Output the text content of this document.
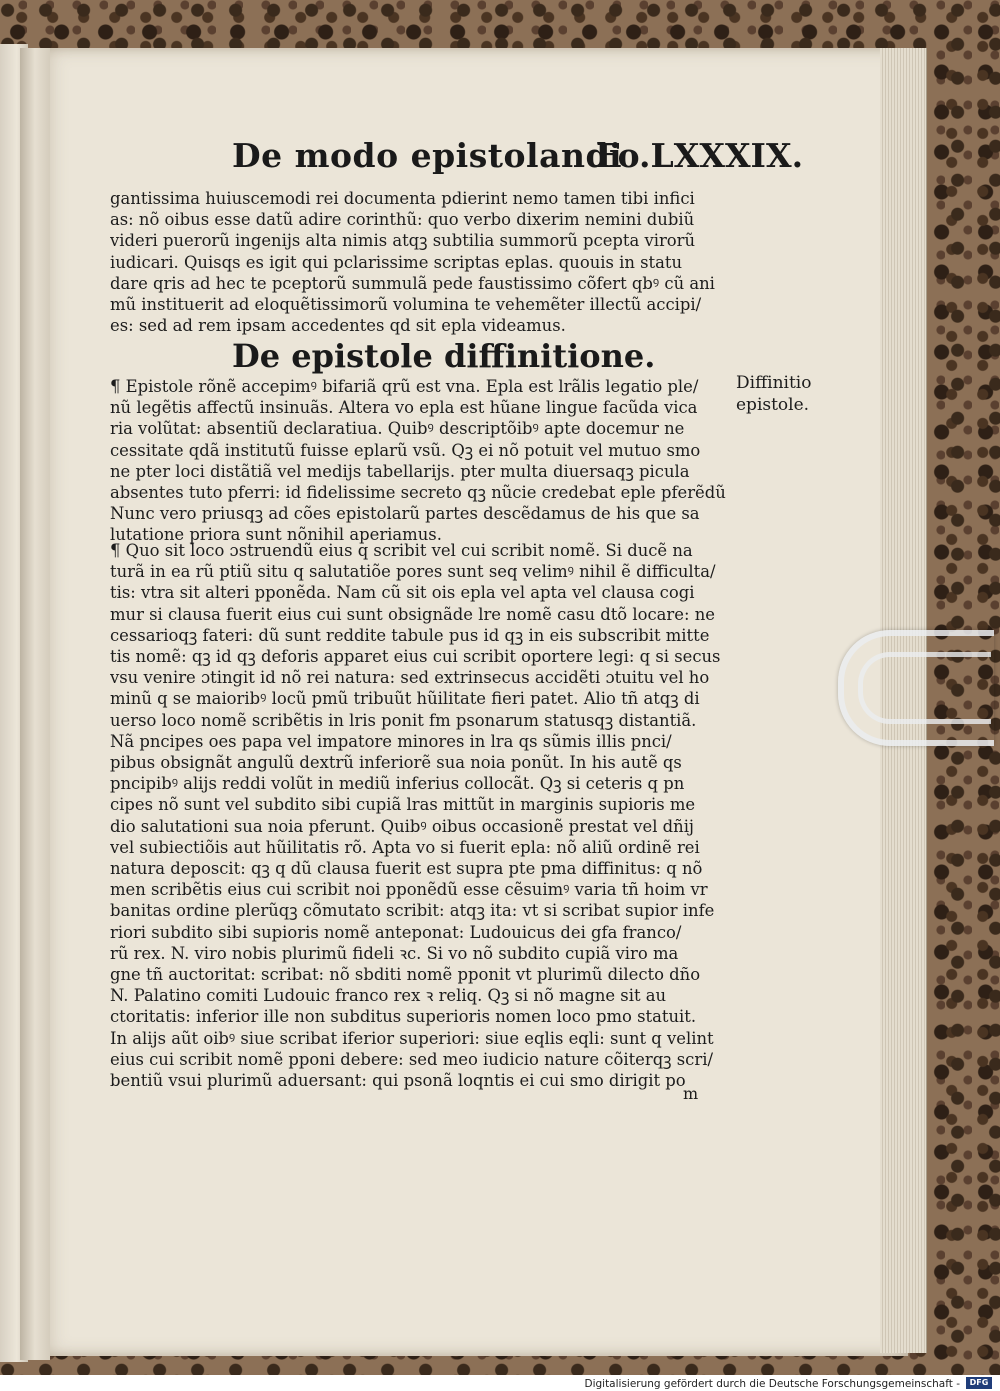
De modo epistolandi
Fo.LXXXIX.
gantissima huiuscemodi rei documenta pdierint nemo tamen tibi infici
as: nõ oibus esse datũ adire corinthũ: quo verbo dixerim nemini dubiũ
videri puerorũ ingenijs alta nimis atqꝫ subtilia summorũ pcepta virorũ
iudicari. Quisqs es igit qui pclarissime scriptas eplas. quouis in statu
dare qris ad hec te pceptorũ summulã pede faustissimo cõfert qbꝰ cũ ani
mũ instituerit ad eloquẽtissimorũ volumina te vehemẽter illectũ accipi/
es: sed ad rem ipsam accedentes qd sit epla videamus.
De epistole diffinitione.
¶ Epistole rõnẽ accepimꝰ bifariã qrũ est vna. Epla est lrãlis legatio ple/
nũ legẽtis affectũ insinuãs. Altera vo epla est hũane lingue facũda vica
ria volũtat: absentiũ declaratiua. Quibꝰ descriptõibꝰ apte docemur ne
cessitate qdã institutũ fuisse eplarũ vsũ. Qꝫ ei nõ potuit vel mutuo smo
ne pter loci distãtiã vel medijs tabellarijs. pter multa diuersaqꝫ picula
absentes tuto pferri: id fidelissime secreto qꝫ nũcie credebat eple pferẽdũ
Nunc vero priusqꝫ ad cões epistolarũ partes descẽdamus de his que sa
lutatione priora sunt nõnihil aperiamus.
Diffinitio
epistole.
¶ Quo sit loco ɔstruendũ eius q scribit vel cui scribit nomẽ. Si ducẽ na
turã in ea rũ ptiũ situ q salutatiõe pores sunt seq velimꝰ nihil ẽ difficulta/
tis: vtra sit alteri pponẽda. Nam cũ sit ois epla vel apta vel clausa cogi
mur si clausa fuerit eius cui sunt obsignãde lre nomẽ casu dtõ locare: ne
cessarioqꝫ fateri: dũ sunt reddite tabule pus id qꝫ in eis subscribit mitte
tis nomẽ: qꝫ id qꝫ deforis apparet eius cui scribit oportere legi: q si secus
vsu venire ɔtingit id nõ rei natura: sed extrinsecus accidẽti ɔtuitu vel ho
minũ q se maioribꝰ locũ pmũ tribuũt hũilitate fieri patet. Alio tñ atqꝫ di
uerso loco nomẽ scribẽtis in lris ponit fm psonarum statusqꝫ distantiã.
Nã pncipes oes papa vel impatore minores in lra qs sũmis illis pnci/
pibus obsignãt angulũ dextrũ inferiorẽ sua noia ponũt. In his autẽ qs
pncipibꝰ alijs reddi volũt in mediũ inferius collocãt. Qꝫ si ceteris q pn
cipes nõ sunt vel subdito sibi cupiã lras mittũt in marginis supioris me
dio salutationi sua noia pferunt. Quibꝰ oibus occasionẽ prestat vel dñij
vel subiectiõis aut hũilitatis rõ. Apta vo si fuerit epla: nõ aliũ ordinẽ rei
natura deposcit: qꝫ q dũ clausa fuerit est supra pte pma diffinitus: q nõ
men scribẽtis eius cui scribit noi pponẽdũ esse cẽsuimꝰ varia tñ hoim vr
banitas ordine plerũqꝫ cõmutato scribit: atqꝫ ita: vt si scribat supior infe
riori subdito sibi supioris nomẽ anteponat: Ludouicus dei gfa franco/
rũ rex. N. viro nobis plurimũ fideli ꝛc. Si vo nõ subdito cupiã viro ma
gne tñ auctoritat: scribat: nõ sbditi nomẽ pponit vt plurimũ dilecto dño
N. Palatino comiti Ludouic franco rex ꝛ reliq. Qꝫ si nõ magne sit au
ctoritatis: inferior ille non subditus superioris nomen loco pmo statuit.
In alijs aũt oibꝰ siue scribat iferior superiori: siue eqlis eqli: sunt q velint
eius cui scribit nomẽ pponi debere: sed meo iudicio nature cõiterqꝫ scri/
bentiũ vsui plurimũ aduersant: qui psonã loqntis ei cui smo dirigit po
m
Digitalisierung gefördert durch die Deutsche Forschungsgemeinschaft -	DFG
